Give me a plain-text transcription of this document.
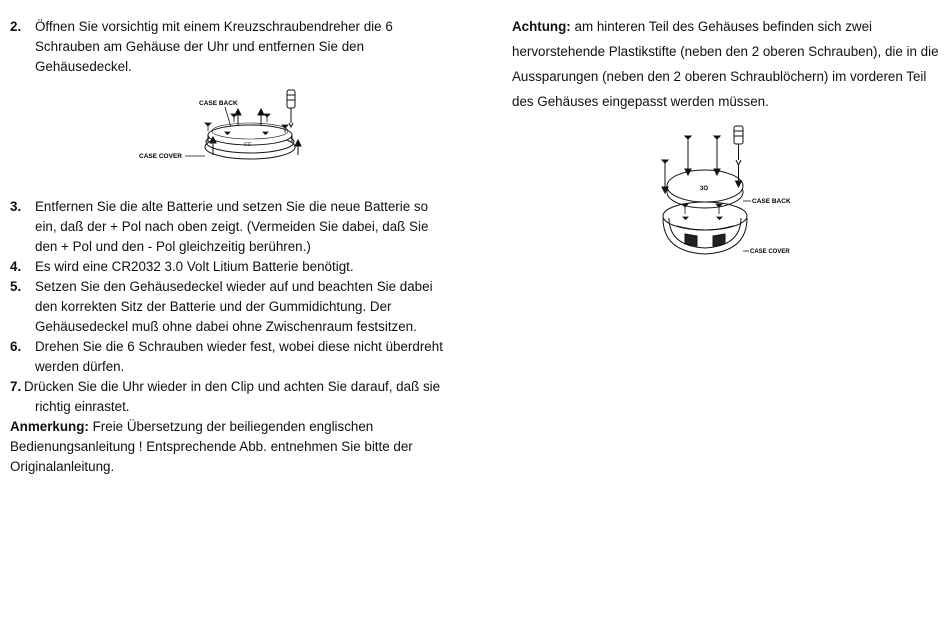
2. Öffnen Sie vorsichtig mit einem Kreuzschraubendreher die 6
Schrauben am Gehäuse der Uhr und entfernen Sie den
Gehäusedeckel.
CASE BACK
CASE COVER
CC
3. Entfernen Sie die alte Batterie und setzen Sie die neue Batterie so
ein, daß der + Pol nach oben zeigt. (Vermeiden Sie dabei, daß Sie
den + Pol und den - Pol gleichzeitig berühren.)
4. Es wird eine CR2032 3.0 Volt Litium Batterie benötigt.
5. Setzen Sie den Gehäusedeckel wieder auf und beachten Sie dabei
den korrekten Sitz der Batterie und der Gummidichtung. Der
Gehäusedeckel muß ohne dabei ohne Zwischenraum festsitzen.
6. Drehen Sie die 6 Schrauben wieder fest, wobei diese nicht überdreht
werden dürfen.
7. Drücken Sie die Uhr wieder in den Clip und achten Sie darauf, daß sie
richtig einrastet.
Anmerkung: Freie Übersetzung der beiliegenden englischen
Bedienungsanleitung ! Entsprechende Abb. entnehmen Sie bitte der
Originalanleitung.
Achtung: am hinteren Teil des Gehäuses befinden sich zwei
hervorstehende Plastikstifte (neben den 2 oberen Schrauben), die in die
Aussparungen (neben den 2 oberen Schraublöchern) im vorderen Teil
des Gehäuses eingepasst werden müssen.
3O
CASE BACK
CASE COVER
